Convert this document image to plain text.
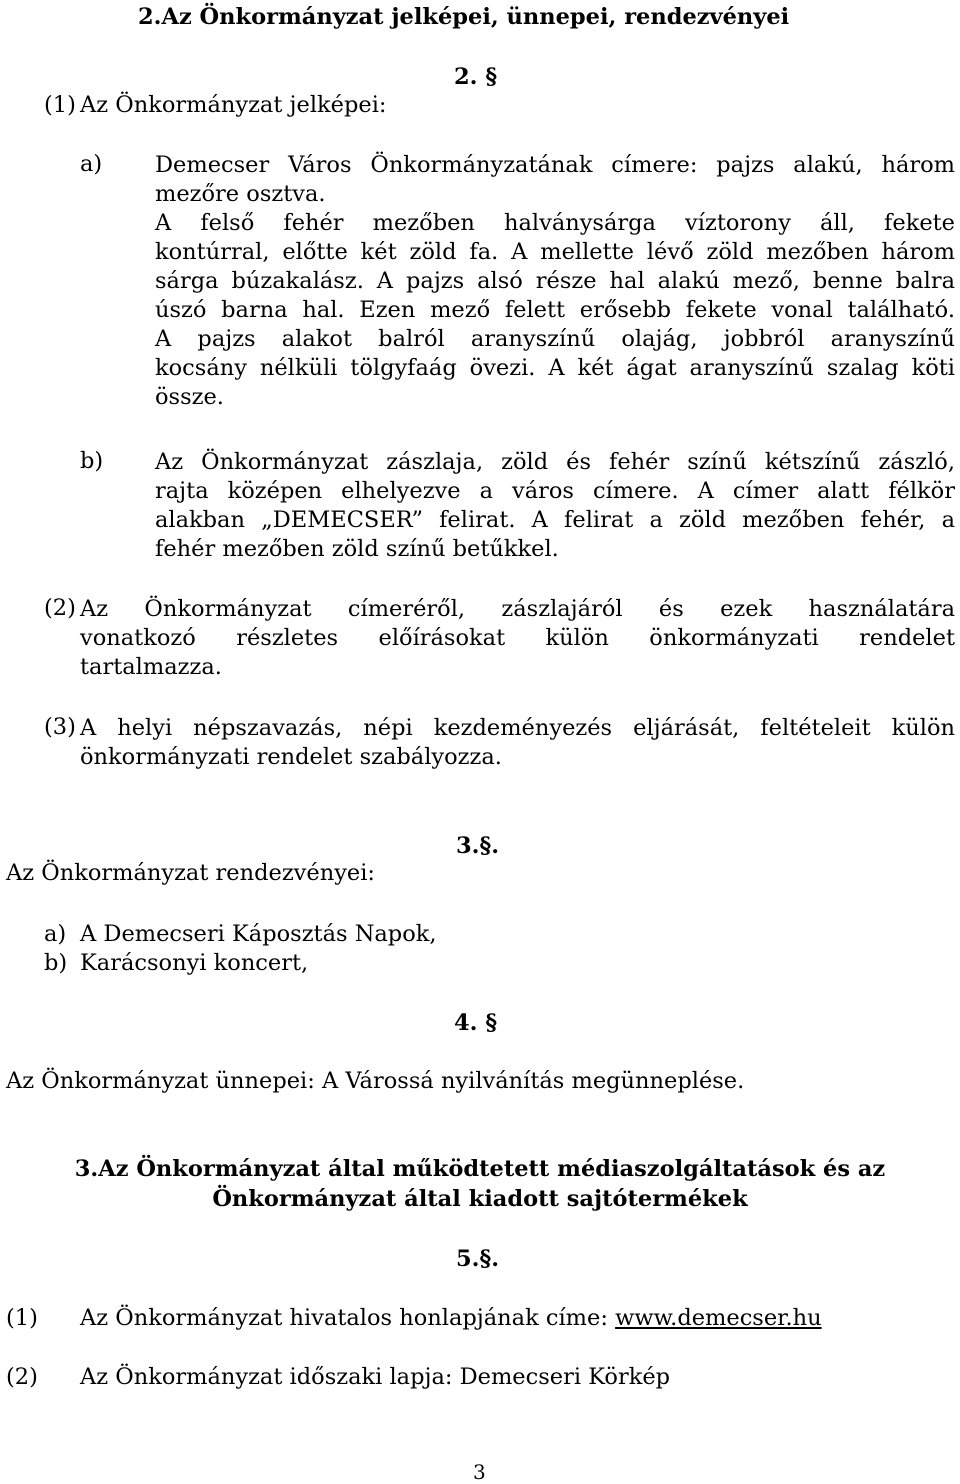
2.Az Önkormányzat jelképei, ünnepei, rendezvényei
(1) Az Önkormányzat jelképei:
2. §
a) Demecser Város Önkormányzatának címere: pajzs alakú, három
mezőre osztva.
A felső fehér mezőben halványsárga víztorony áll, fekete
kontúrral, előtte két zöld fa. A mellette lévő zöld mezőben három
sárga búzakalász. A pajzs alsó része hal alakú mező, benne balra
úszó barna hal. Ezen mező felett erősebb fekete vonal található.
A pajzs alakot balról aranyszínű olajág, jobbról aranyszínű
kocsány nélküli tölgyfaág övezi. A két ágat aranyszínű szalag köti
össze.
b) Az Önkormányzat zászlaja, zöld és fehér színű kétszínű zászló,
rajta középen elhelyezve a város címere. A címer alatt félkör
alakban „DEMECSER” felirat. A felirat a zöld mezőben fehér, a
fehér mezőben zöld színű betűkkel.
(2) Az Önkormányzat címeréről, zászlajáról és ezek használatára
vonatkozó részletes előírásokat külön önkormányzati rendelet
tartalmazza.
(3) A helyi népszavazás, népi kezdeményezés eljárását, feltételeit külön
önkormányzati rendelet szabályozza.
3.§.
Az Önkormányzat rendezvényei:
a) A Demecseri Káposztás Napok,
b) Karácsonyi koncert,
4. §
Az Önkormányzat ünnepei: A Várossá nyilvánítás megünneplése.
3.Az Önkormányzat által működtetett médiaszolgáltatások és az
Önkormányzat által kiadott sajtótermékek
5.§.
(1) Az Önkormányzat hivatalos honlapjának címe: www.demecser.hu
(2) Az Önkormányzat időszaki lapja: Demecseri Körkép
3
